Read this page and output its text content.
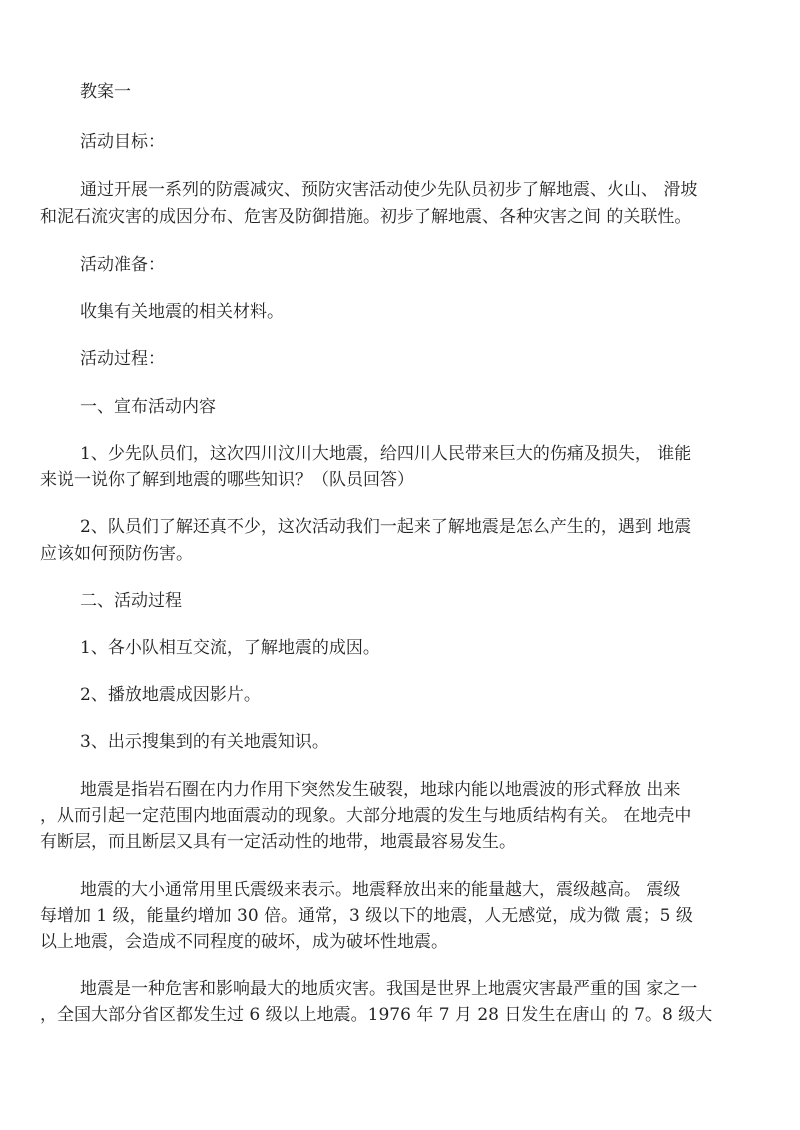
教案一

活动目标：

通过开展一系列的防震减灾、预防灾害活动使少先队员初步了解地震、火山、 滑坡

和泥石流灾害的成因分布、危害及防御措施。初步了解地震、各种灾害之间 的关联性。

活动准备：

收集有关地震的相关材料。

活动过程：

一、宣布活动内容

1、少先队员们，这次四川汶川大地震，给四川人民带来巨大的伤痛及损失， 谁能

来说一说你了解到地震的哪些知识？（队员回答）

2、队员们了解还真不少，这次活动我们一起来了解地震是怎么产生的，遇到 地震

应该如何预防伤害。

二、活动过程

1、各小队相互交流，了解地震的成因。

2、播放地震成因影片。

3、出示搜集到的有关地震知识。

地震是指岩石圈在内力作用下突然发生破裂，地球内能以地震波的形式释放 出来

，从而引起一定范围内地面震动的现象。大部分地震的发生与地质结构有关。 在地壳中

有断层，而且断层又具有一定活动性的地带，地震最容易发生。

地震的大小通常用里氏震级来表示。地震释放出来的能量越大，震级越高。 震级

每增加 1 级，能量约增加 30 倍。通常，3 级以下的地震，人无感觉，成为微 震；5 级

以上地震，会造成不同程度的破坏，成为破坏性地震。

地震是一种危害和影响最大的地质灾害。我国是世界上地震灾害最严重的国 家之一

，全国大部分省区都发生过 6 级以上地震。1976 年 7 月 28 日发生在唐山 的 7。8 级大
